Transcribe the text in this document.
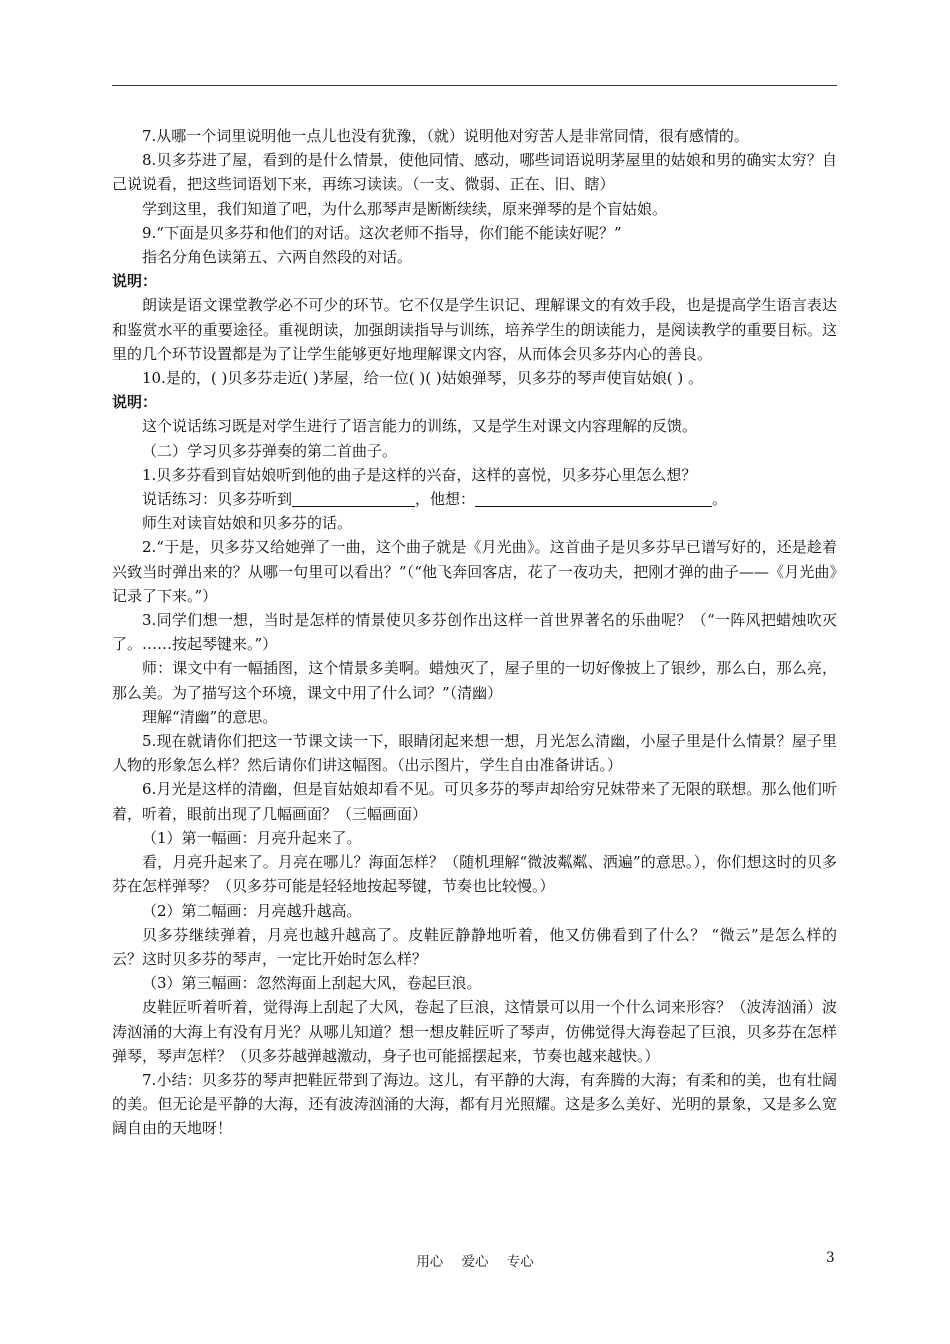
7.从哪一个词里说明他一点儿也没有犹豫，（就）说明他对穷苦人是非常同情，很有感情的。

8.贝多芬进了屋，看到的是什么情景，使他同情、感动，哪些词语说明茅屋里的姑娘和男的确实太穷？自己说说看，把这些词语划下来，再练习读读。（一支、微弱、正在、旧、瞎）

学到这里，我们知道了吧，为什么那琴声是断断续续，原来弹琴的是个盲姑娘。

9.“下面是贝多芬和他们的对话。这次老师不指导，你们能不能读好呢？”

指名分角色读第五、六两自然段的对话。

说明：

朗读是语文课堂教学必不可少的环节。它不仅是学生识记、理解课文的有效手段，也是提高学生语言表达和鉴赏水平的重要途径。重视朗读，加强朗读指导与训练，培养学生的朗读能力，是阅读教学的重要目标。这里的几个环节设置都是为了让学生能够更好地理解课文内容，从而体会贝多芬内心的善良。

10.是的，( )贝多芬走近( )茅屋，给一位( )( )姑娘弹琴，贝多芬的琴声使盲姑娘( ) 。

说明：

这个说话练习既是对学生进行了语言能力的训练，又是学生对课文内容理解的反馈。

（二）学习贝多芬弹奏的第二首曲子。

1.贝多芬看到盲姑娘听到他的曲子是这样的兴奋，这样的喜悦，贝多芬心里怎么想？

说话练习：贝多芬听到	，他想：	。

师生对读盲姑娘和贝多芬的话。

2.“于是，贝多芬又给她弹了一曲，这个曲子就是《月光曲》。这首曲子是贝多芬早已谱写好的，还是趁着兴致当时弹出来的？从哪一句里可以看出？”（“他飞奔回客店，花了一夜功夫，把刚才弹的曲子——《月光曲》记录了下来。”）

3.同学们想一想，当时是怎样的情景使贝多芬创作出这样一首世界著名的乐曲呢？（“一阵风把蜡烛吹灭了。……按起琴键来。”）

师：课文中有一幅插图，这个情景多美啊。蜡烛灭了，屋子里的一切好像披上了银纱，那么白，那么亮，那么美。为了描写这个环境，课文中用了什么词？”（清幽）

理解“清幽”的意思。

5.现在就请你们把这一节课文读一下，眼睛闭起来想一想，月光怎么清幽，小屋子里是什么情景？屋子里人物的形象怎么样？然后请你们讲这幅图。（出示图片，学生自由准备讲话。）

6.月光是这样的清幽，但是盲姑娘却看不见。可贝多芬的琴声却给穷兄妹带来了无限的联想。那么他们听着，听着，眼前出现了几幅画面？（三幅画面）

（1）第一幅画：月亮升起来了。

看，月亮升起来了。月亮在哪儿？海面怎样？（随机理解“微波粼粼、洒遍”的意思。），你们想这时的贝多芬在怎样弹琴？（贝多芬可能是轻轻地按起琴键，节奏也比较慢。）

（2）第二幅画：月亮越升越高。

贝多芬继续弹着，月亮也越升越高了。皮鞋匠静静地听着，他又仿佛看到了什么？ “微云”是怎么样的云？这时贝多芬的琴声，一定比开始时怎么样？

（3）第三幅画：忽然海面上刮起大风，卷起巨浪。

皮鞋匠听着听着，觉得海上刮起了大风，卷起了巨浪，这情景可以用一个什么词来形容？（波涛汹涌）波涛汹涌的大海上有没有月光？从哪儿知道？想一想皮鞋匠听了琴声，仿佛觉得大海卷起了巨浪，贝多芬在怎样弹琴，琴声怎样？（贝多芬越弹越激动，身子也可能摇摆起来，节奏也越来越快。）

7.小结：贝多芬的琴声把鞋匠带到了海边。这儿，有平静的大海，有奔腾的大海；有柔和的美，也有壮阔的美。但无论是平静的大海，还有波涛汹涌的大海，都有月光照耀。这是多么美好、光明的景象，又是多么宽阔自由的天地呀！

用心 爱心 专心	3
